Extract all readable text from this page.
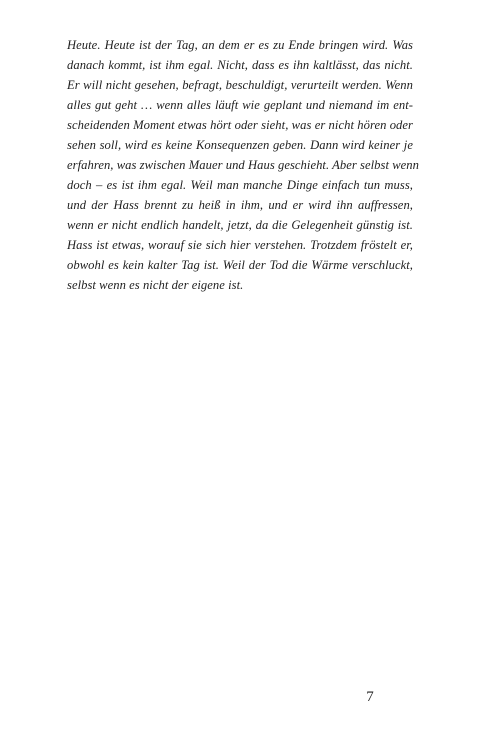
Heute. Heute ist der Tag, an dem er es zu Ende bringen wird. Was
danach kommt, ist ihm egal. Nicht, dass es ihn kaltlässt, das nicht.
Er will nicht gesehen, befragt, beschuldigt, verurteilt werden. Wenn
alles gut geht … wenn alles läuft wie geplant und niemand im ent-
scheidenden Moment etwas hört oder sieht, was er nicht hören oder
sehen soll, wird es keine Konsequenzen geben. Dann wird keiner je
erfahren, was zwischen Mauer und Haus geschieht. Aber selbst wenn
doch – es ist ihm egal. Weil man manche Dinge einfach tun muss,
und der Hass brennt zu heiß in ihm, und er wird ihn auffressen,
wenn er nicht endlich handelt, jetzt, da die Gelegenheit günstig ist.
Hass ist etwas, worauf sie sich hier verstehen. Trotzdem fröstelt er,
obwohl es kein kalter Tag ist. Weil der Tod die Wärme verschluckt,
selbst wenn es nicht der eigene ist.
7
